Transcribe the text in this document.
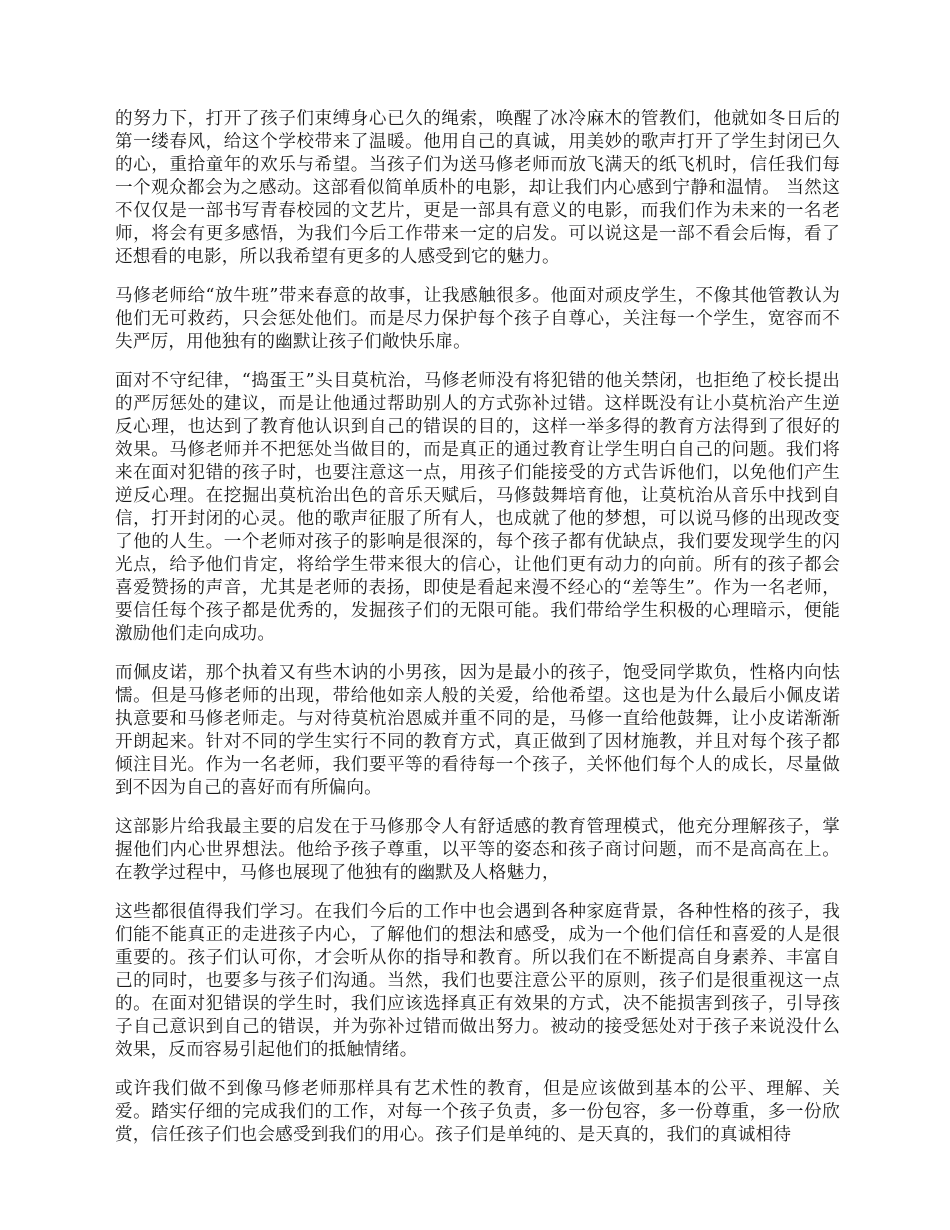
的努力下，打开了孩子们束缚身心已久的绳索，唤醒了冰冷麻木的管教们，他就如冬日后的第一缕春风，给这个学校带来了温暖。他用自己的真诚，用美妙的歌声打开了学生封闭已久的心，重拾童年的欢乐与希望。当孩子们为送马修老师而放飞满天的纸飞机时，信任我们每一个观众都会为之感动。这部看似简单质朴的电影，却让我们内心感到宁静和温情。 当然这不仅仅是一部书写青春校园的文艺片，更是一部具有意义的电影，而我们作为未来的一名老师，将会有更多感悟，为我们今后工作带来一定的启发。可以说这是一部不看会后悔，看了还想看的电影，所以我希望有更多的人感受到它的魅力。

马修老师给“放牛班”带来春意的故事，让我感触很多。他面对顽皮学生，不像其他管教认为他们无可救药，只会惩处他们。而是尽力保护每个孩子自尊心，关注每一个学生，宽容而不失严厉，用他独有的幽默让孩子们敞快乐扉。

面对不守纪律，“捣蛋王”头目莫杭治，马修老师没有将犯错的他关禁闭，也拒绝了校长提出的严厉惩处的建议，而是让他通过帮助别人的方式弥补过错。这样既没有让小莫杭治产生逆反心理，也达到了教育他认识到自己的错误的目的，这样一举多得的教育方法得到了很好的效果。马修老师并不把惩处当做目的，而是真正的通过教育让学生明白自己的问题。我们将来在面对犯错的孩子时，也要注意这一点，用孩子们能接受的方式告诉他们，以免他们产生逆反心理。在挖掘出莫杭治出色的音乐天赋后，马修鼓舞培育他，让莫杭治从音乐中找到自信，打开封闭的心灵。他的歌声征服了所有人，也成就了他的梦想，可以说马修的出现改变了他的人生。一个老师对孩子的影响是很深的，每个孩子都有优缺点，我们要发现学生的闪光点，给予他们肯定，将给学生带来很大的信心，让他们更有动力的向前。所有的孩子都会喜爱赞扬的声音，尤其是老师的表扬，即使是看起来漫不经心的“差等生”。作为一名老师，要信任每个孩子都是优秀的，发掘孩子们的无限可能。我们带给学生积极的心理暗示，便能激励他们走向成功。

而佩皮诺，那个执着又有些木讷的小男孩，因为是最小的孩子，饱受同学欺负，性格内向怯懦。但是马修老师的出现，带给他如亲人般的关爱，给他希望。这也是为什么最后小佩皮诺执意要和马修老师走。与对待莫杭治恩威并重不同的是，马修一直给他鼓舞，让小皮诺渐渐开朗起来。针对不同的学生实行不同的教育方式，真正做到了因材施教，并且对每个孩子都倾注目光。作为一名老师，我们要平等的看待每一个孩子，关怀他们每个人的成长，尽量做到不因为自己的喜好而有所偏向。

这部影片给我最主要的启发在于马修那令人有舒适感的教育管理模式，他充分理解孩子，掌握他们内心世界想法。他给予孩子尊重，以平等的姿态和孩子商讨问题，而不是高高在上。在教学过程中，马修也展现了他独有的幽默及人格魅力，

这些都很值得我们学习。在我们今后的工作中也会遇到各种家庭背景，各种性格的孩子，我们能不能真正的走进孩子内心，了解他们的想法和感受，成为一个他们信任和喜爱的人是很重要的。孩子们认可你，才会听从你的指导和教育。所以我们在不断提高自身素养、丰富自己的同时，也要多与孩子们沟通。当然，我们也要注意公平的原则，孩子们是很重视这一点的。在面对犯错误的学生时，我们应该选择真正有效果的方式，决不能损害到孩子，引导孩子自己意识到自己的错误，并为弥补过错而做出努力。被动的接受惩处对于孩子来说没什么效果，反而容易引起他们的抵触情绪。

或许我们做不到像马修老师那样具有艺术性的教育，但是应该做到基本的公平、理解、关爱。踏实仔细的完成我们的工作，对每一个孩子负责，多一份包容，多一份尊重，多一份欣赏，信任孩子们也会感受到我们的用心。孩子们是单纯的、是天真的，我们的真诚相待
